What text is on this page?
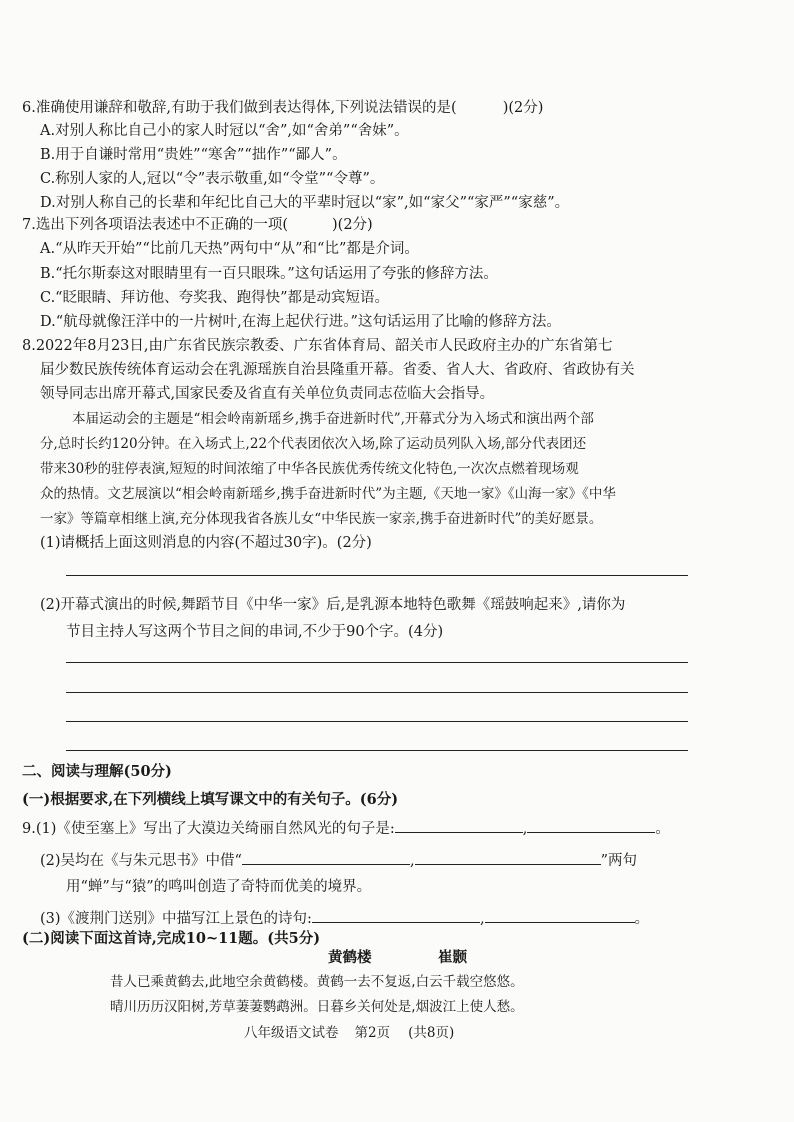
6.准确使用谦辞和敬辞,有助于我们做到表达得体,下列说法错误的是(	)(2分)
A.对别人称比自己小的家人时冠以“舍”,如“舍弟”“舍妹”。
B.用于自谦时常用“贵姓”“寒舍”“拙作”“鄙人”。
C.称别人家的人,冠以“令”表示敬重,如“令堂”“令尊”。
D.对别人称自己的长辈和年纪比自己大的平辈时冠以“家”,如“家父”“家严”“家慈”。
7.选出下列各项语法表述中不正确的一项(	)(2分)
A.“从昨天开始”“比前几天热”两句中“从”和“比”都是介词。
B.“托尔斯泰这对眼睛里有一百只眼珠。”这句话运用了夸张的修辞方法。
C.“眨眼睛、拜访他、夸奖我、跑得快”都是动宾短语。
D.“航母就像汪洋中的一片树叶,在海上起伏行进。”这句话运用了比喻的修辞方法。
8.2022年8月23日,由广东省民族宗教委、广东省体育局、韶关市人民政府主办的广东省第七
届少数民族传统体育运动会在乳源瑶族自治县隆重开幕。省委、省人大、省政府、省政协有关
领导同志出席开幕式,国家民委及省直有关单位负责同志莅临大会指导。
本届运动会的主题是“相会岭南新瑶乡,携手奋进新时代”,开幕式分为入场式和演出两个部
分,总时长约120分钟。在入场式上,22个代表团依次入场,除了运动员列队入场,部分代表团还
带来30秒的驻停表演,短短的时间浓缩了中华各民族优秀传统文化特色,一次次点燃着现场观
众的热情。文艺展演以“相会岭南新瑶乡,携手奋进新时代”为主题,《天地一家》《山海一家》《中华
一家》等篇章相继上演,充分体现我省各族儿女“中华民族一家亲,携手奋进新时代”的美好愿景。
(1)请概括上面这则消息的内容(不超过30字)。(2分)
(2)开幕式演出的时候,舞蹈节目《中华一家》后,是乳源本地特色歌舞《瑶鼓响起来》,请你为
节目主持人写这两个节目之间的串词,不少于90个字。(4分)
二、阅读与理解(50分)
(一)根据要求,在下列横线上填写课文中的有关句子。(6分)
9.(1)《使至塞上》写出了大漠边关绮丽自然风光的句子是:	,	。
(2)吴均在《与朱元思书》中借“	,	”两句
用“蝉”与“猿”的鸣叫创造了奇特而优美的境界。
(3)《渡荆门送别》中描写江上景色的诗句:	,	。
(二)阅读下面这首诗,完成10~11题。(共5分)
黄鹤楼	崔颢
昔人已乘黄鹤去,此地空余黄鹤楼。黄鹤一去不复返,白云千载空悠悠。
晴川历历汉阳树,芳草萋萋鹦鹉洲。日暮乡关何处是,烟波江上使人愁。
八年级语文试卷 第2页 (共8页)
